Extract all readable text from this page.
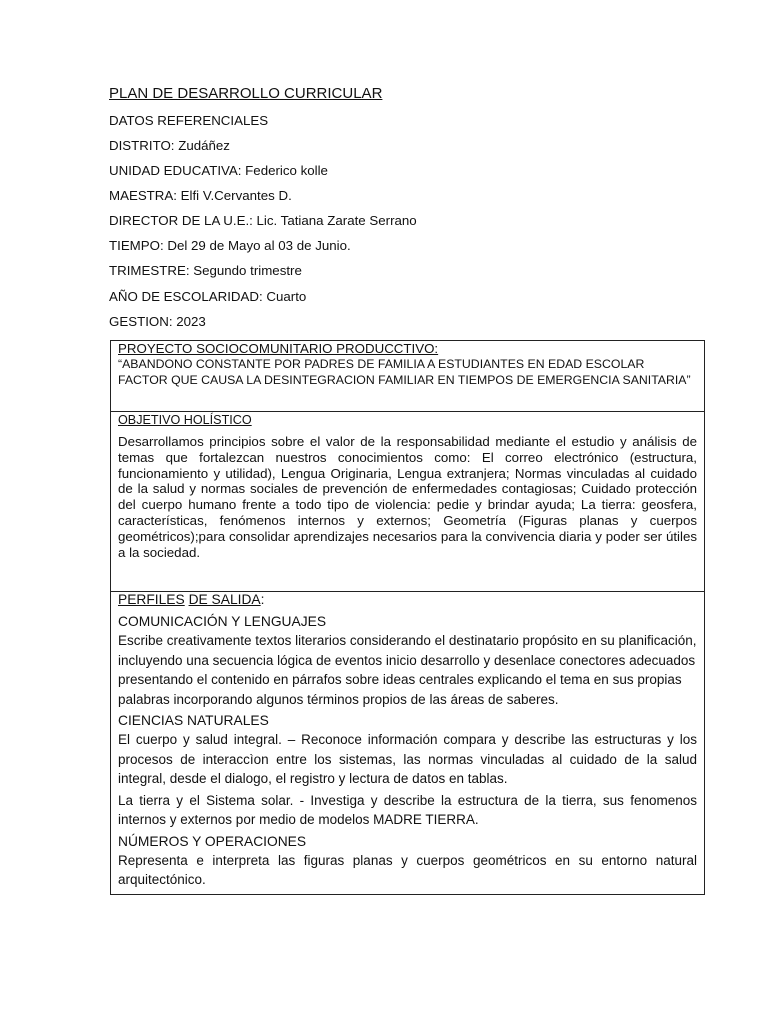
PLAN DE DESARROLLO CURRICULAR
DATOS REFERENCIALES
DISTRITO: Zudáñez
UNIDAD EDUCATIVA: Federico kolle
MAESTRA: Elfi V.Cervantes D.
DIRECTOR DE LA U.E.: Lic. Tatiana Zarate Serrano
TIEMPO: Del 29 de Mayo al 03 de Junio.
TRIMESTRE: Segundo trimestre
AÑO DE ESCOLARIDAD: Cuarto
GESTION: 2023
PROYECTO SOCIOCOMUNITARIO PRODUCCTIVO:
“ABANDONO CONSTANTE POR PADRES DE FAMILIA A ESTUDIANTES EN EDAD ESCOLAR FACTOR QUE CAUSA LA DESINTEGRACION FAMILIAR EN TIEMPOS DE EMERGENCIA SANITARIA”
OBJETIVO HOLÍSTICO
Desarrollamos principios sobre el valor de la responsabilidad mediante el estudio y análisis de temas que fortalezcan nuestros conocimientos como: El correo electrónico (estructura, funcionamiento y utilidad), Lengua Originaria, Lengua extranjera; Normas vinculadas al cuidado de la salud y normas sociales de prevención de enfermedades contagiosas; Cuidado protección del cuerpo humano frente a todo tipo de violencia: pedie y brindar ayuda; La tierra: geosfera, características, fenómenos internos y externos; Geometría (Figuras planas y cuerpos geométricos);para consolidar aprendizajes necesarios para la convivencia diaria y poder ser útiles a la sociedad.
PERFILES DE SALIDA:
COMUNICACIÓN Y LENGUAJES
Escribe creativamente textos literarios considerando el destinatario propósito en su planificación, incluyendo una secuencia lógica de eventos inicio desarrollo y desenlace conectores adecuados presentando el contenido en párrafos sobre ideas centrales explicando el tema en sus propias palabras incorporando algunos términos propios de las áreas de saberes.
CIENCIAS NATURALES
El cuerpo y salud integral. – Reconoce información compara y describe las estructuras y los procesos de interaccìon entre los sistemas, las normas vinculadas al cuidado de la salud integral, desde el dialogo, el registro y lectura de datos en tablas.
La tierra y el Sistema solar. - Investiga y describe la estructura de la tierra, sus fenomenos internos y externos por medio de modelos MADRE TIERRA.
NÚMEROS Y OPERACIONES
Representa e interpreta las figuras planas y cuerpos geométricos en su entorno natural arquitectónico.
